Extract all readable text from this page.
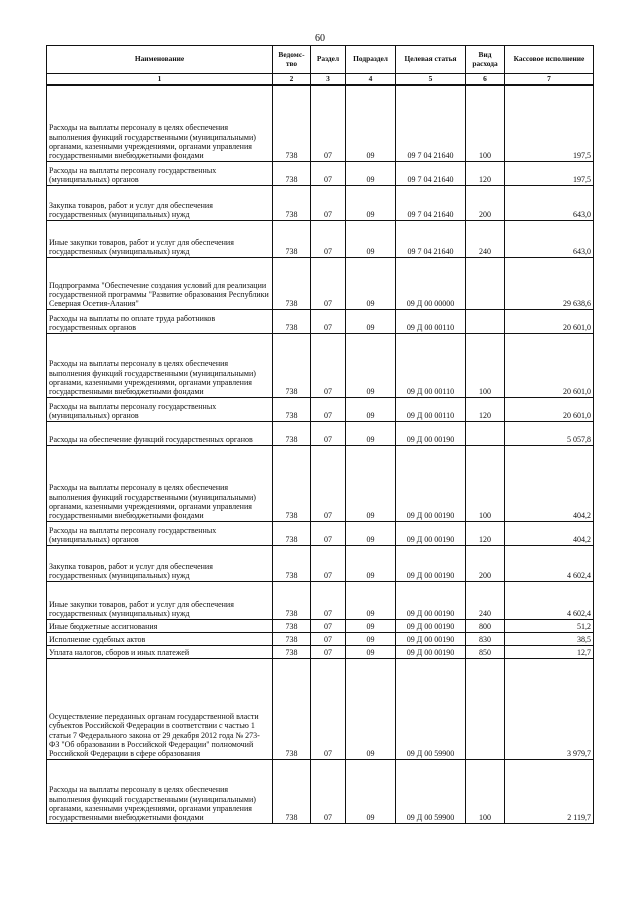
60
Наименование	Ведомс-тво	Раздел	Подраздел	Целевая статья	Вид расхода	Кассовое исполнение
1	2	3	4	5	6	7
Расходы на выплаты персоналу в целях обеспечения выполнения функций государственными (муниципальными) органами, казенными учреждениями, органами управления государственными внебюджетными фондами	738	07	09	09 7 04 21640	100	197,5
Расходы на выплаты персоналу государственных (муниципальных) органов	738	07	09	09 7 04 21640	120	197,5
Закупка товаров, работ и услуг для обеспечения государственных (муниципальных) нужд	738	07	09	09 7 04 21640	200	643,0
Иные закупки товаров, работ и услуг для обеспечения государственных (муниципальных) нужд	738	07	09	09 7 04 21640	240	643,0
Подпрограмма "Обеспечение создания условий для реализации государственной программы "Развитие образования Республики Северная Осетия-Алания"	738	07	09	09 Д 00 00000		29 638,6
Расходы на выплаты по оплате труда работников государственных органов	738	07	09	09 Д 00 00110		20 601,0
Расходы на выплаты персоналу в целях обеспечения выполнения функций государственными (муниципальными) органами, казенными учреждениями, органами управления государственными внебюджетными фондами	738	07	09	09 Д 00 00110	100	20 601,0
Расходы на выплаты персоналу государственных (муниципальных) органов	738	07	09	09 Д 00 00110	120	20 601,0
Расходы на обеспечение функций государственных органов	738	07	09	09 Д 00 00190		5 057,8
Расходы на выплаты персоналу в целях обеспечения выполнения функций государственными (муниципальными) органами, казенными учреждениями, органами управления государственными внебюджетными фондами	738	07	09	09 Д 00 00190	100	404,2
Расходы на выплаты персоналу государственных (муниципальных) органов	738	07	09	09 Д 00 00190	120	404,2
Закупка товаров, работ и услуг для обеспечения государственных (муниципальных) нужд	738	07	09	09 Д 00 00190	200	4 602,4
Иные закупки товаров, работ и услуг для обеспечения государственных (муниципальных) нужд	738	07	09	09 Д 00 00190	240	4 602,4
Иные бюджетные ассигнования	738	07	09	09 Д 00 00190	800	51,2
Исполнение судебных актов	738	07	09	09 Д 00 00190	830	38,5
Уплата налогов, сборов и иных платежей	738	07	09	09 Д 00 00190	850	12,7
Осуществление переданных органам государственной власти субъектов Российской Федерации в соответствии с частью 1 статьи 7 Федерального закона от 29 декабря 2012 года № 273-ФЗ "Об образовании в Российской Федерации" полномочий Российской Федерации в сфере образования	738	07	09	09 Д 00 59900		3 979,7
Расходы на выплаты персоналу в целях обеспечения выполнения функций государственными (муниципальными) органами, казенными учреждениями, органами управления государственными внебюджетными фондами	738	07	09	09 Д 00 59900	100	2 119,7
